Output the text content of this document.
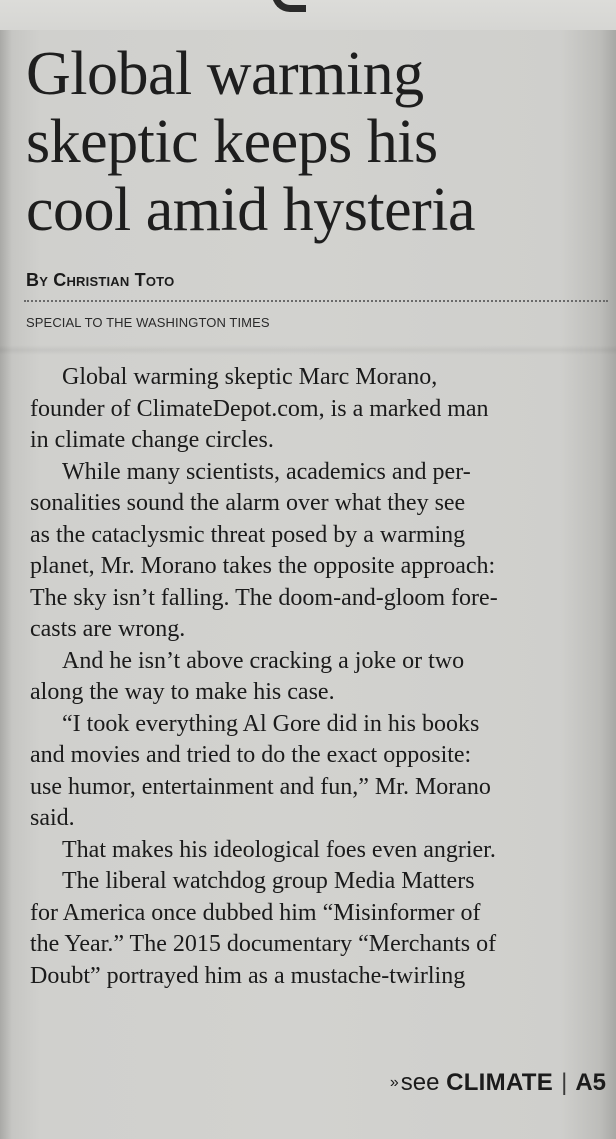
Global warming
skeptic keeps his
cool amid hysteria
By Christian Toto
SPECIAL TO THE WASHINGTON TIMES

Global warming skeptic Marc Morano,
founder of ClimateDepot.com, is a marked man
in climate change circles.

While many scientists, academics and per-
sonalities sound the alarm over what they see
as the cataclysmic threat posed by a warming
planet, Mr. Morano takes the opposite approach:
The sky isn’t falling. The doom-and-gloom fore-
casts are wrong.

And he isn’t above cracking a joke or two
along the way to make his case.

“I took everything Al Gore did in his books
and movies and tried to do the exact opposite:
use humor, entertainment and fun,” Mr. Morano
said.

That makes his ideological foes even angrier.

The liberal watchdog group Media Matters
for America once dubbed him “Misinformer of
the Year.” The 2015 documentary “Merchants of
Doubt” portrayed him as a mustache-twirling

»see CLIMATE | A5
